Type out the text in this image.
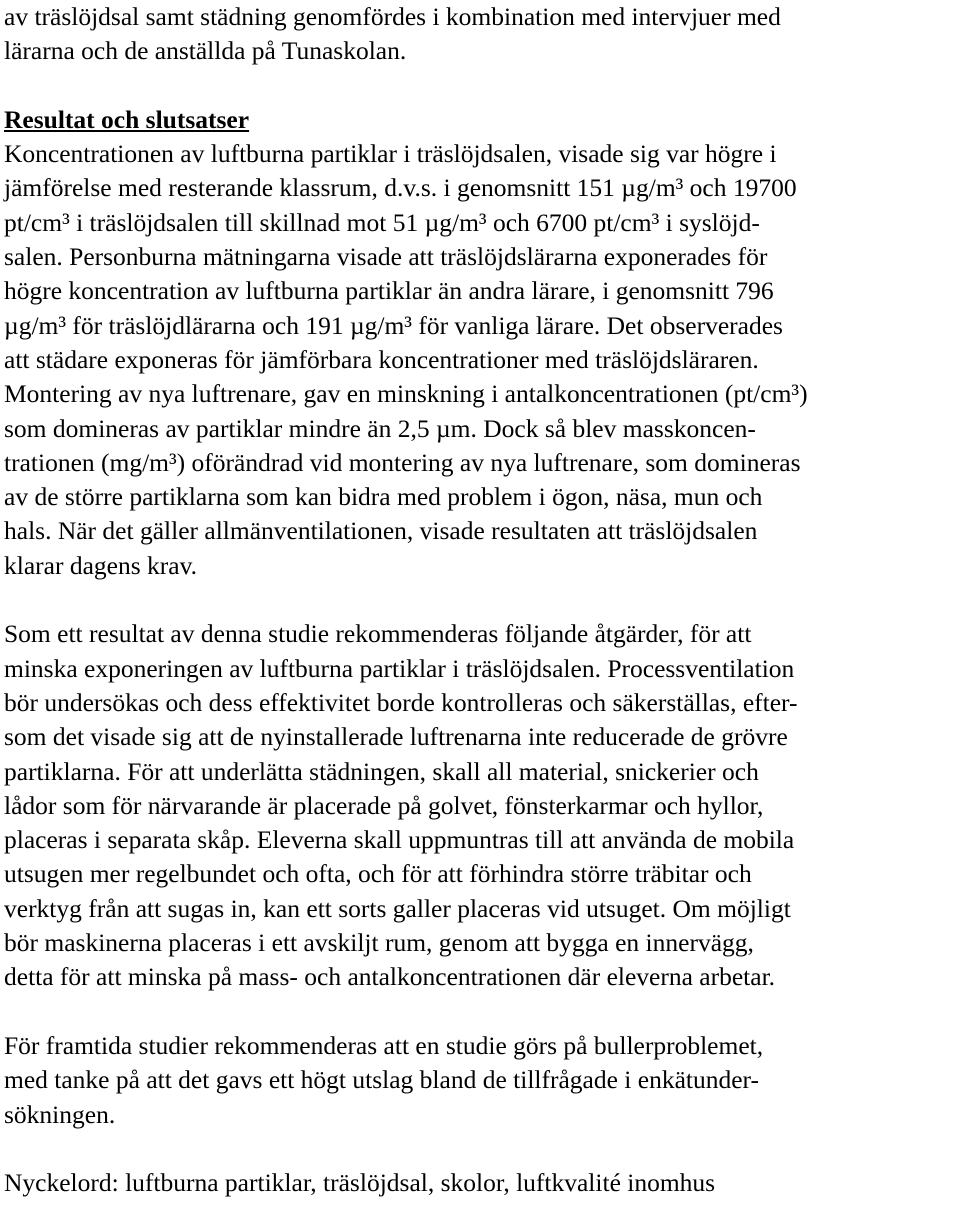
av träslöjdsal samt städning genomfördes i kombination med intervjuer med
lärarna och de anställda på Tunaskolan.
Resultat och slutsatser
Koncentrationen av luftburna partiklar i träslöjdsalen, visade sig var högre i
jämförelse med resterande klassrum, d.v.s. i genomsnitt 151 µg/m³ och 19700
pt/cm³ i träslöjdsalen till skillnad mot 51 µg/m³ och 6700 pt/cm³ i syslöjd-
salen. Personburna mätningarna visade att träslöjdslärarna exponerades för
högre koncentration av luftburna partiklar än andra lärare, i genomsnitt 796
µg/m³ för träslöjdlärarna och 191 µg/m³ för vanliga lärare. Det observerades
att städare exponeras för jämförbara koncentrationer med träslöjdsläraren.
Montering av nya luftrenare, gav en minskning i antalkoncentrationen (pt/cm³)
som domineras av partiklar mindre än 2,5 µm. Dock så blev masskoncen-
trationen (mg/m³) oförändrad vid montering av nya luftrenare, som domineras
av de större partiklarna som kan bidra med problem i ögon, näsa, mun och
hals. När det gäller allmänventilationen, visade resultaten att träslöjdsalen
klarar dagens krav.
Som ett resultat av denna studie rekommenderas följande åtgärder, för att
minska exponeringen av luftburna partiklar i träslöjdsalen. Processventilation
bör undersökas och dess effektivitet borde kontrolleras och säkerställas, efter-
som det visade sig att de nyinstallerade luftrenarna inte reducerade de grövre
partiklarna. För att underlätta städningen, skall all material, snickerier och
lådor som för närvarande är placerade på golvet, fönsterkarmar och hyllor,
placeras i separata skåp. Eleverna skall uppmuntras till att använda de mobila
utsugen mer regelbundet och ofta, och för att förhindra större träbitar och
verktyg från att sugas in, kan ett sorts galler placeras vid utsuget. Om möjligt
bör maskinerna placeras i ett avskiljt rum, genom att bygga en innervägg,
detta för att minska på mass- och antalkoncentrationen där eleverna arbetar.
För framtida studier rekommenderas att en studie görs på bullerproblemet,
med tanke på att det gavs ett högt utslag bland de tillfrågade i enkätunder-
sökningen.
Nyckelord: luftburna partiklar, träslöjdsal, skolor, luftkvalité inomhus
